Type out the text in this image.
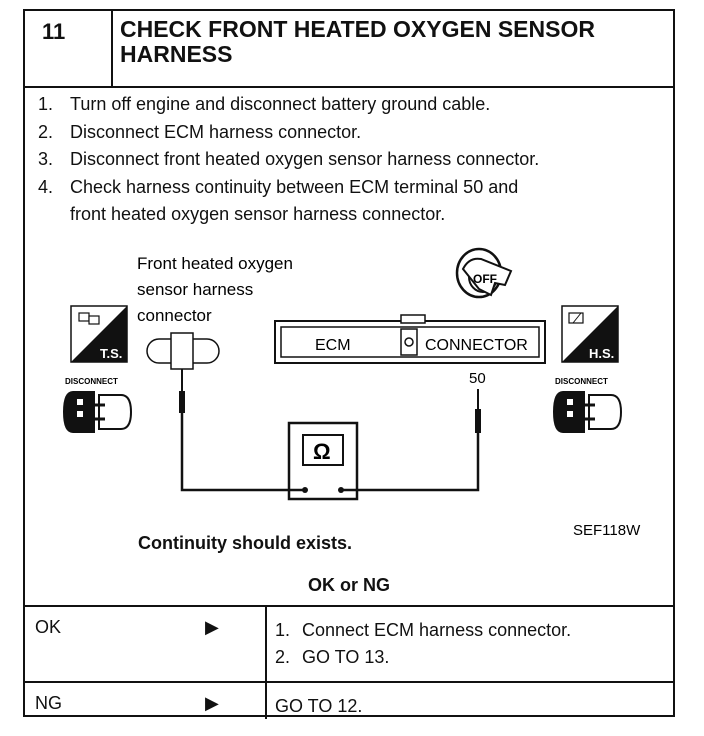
11	CHECK FRONT HEATED OXYGEN SENSOR
HARNESS
1. Turn off engine and disconnect battery ground cable.
2. Disconnect ECM harness connector.
3. Disconnect front heated oxygen sensor harness connector.
4. Check harness continuity between ECM terminal 50 and
front heated oxygen sensor harness connector.
Front heated oxygen
sensor harness
connector
T.S.
DISCONNECT
OFF
ECM	CONNECTOR
50
H.S.
DISCONNECT
Ω
SEF118W
Continuity should exists.
OK or NG
OK	▶	1. Connect ECM harness connector.
2. GO TO 13.
NG	▶	GO TO 12.
